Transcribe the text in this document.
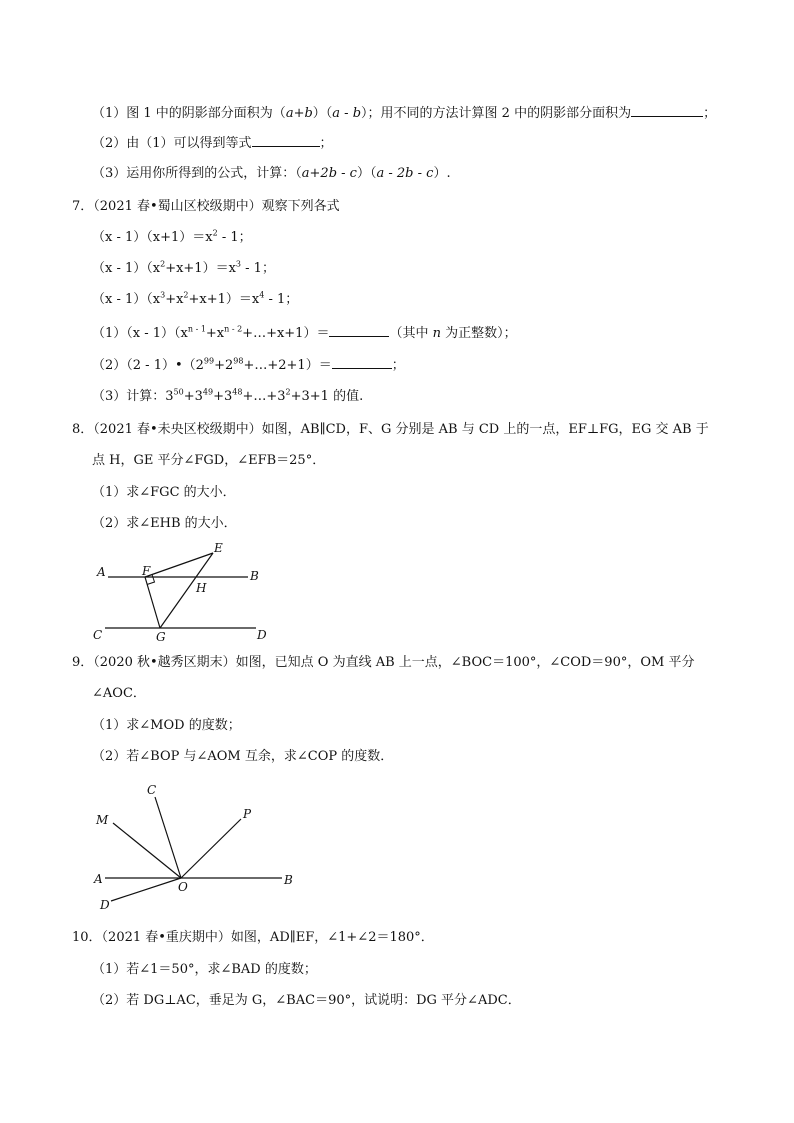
（1）图 1 中的阴影部分面积为（a+b）（a - b）；用不同的方法计算图 2 中的阴影部分面积为	；
（2）由（1）可以得到等式	；
（3）运用你所得到的公式，计算：（a+2b - c）（a - 2b - c）.
7．（2021 春•蜀山区校级期中）观察下列各式
$(x - 1)(x+1)=x^2 - 1$；
$(x - 1)(x^2+x+1)=x^3 - 1$；
$(x - 1)(x^3+x^2+x+1)=x^4 - 1$；
$(1)(x - 1)(x^{n - 1}+x^{n - 2}+\dots+x+1)=$	（其中 n 为正整数）；
$(2)(2 - 1)•(2^{99}+2^{98}+\dots+2+1)=$	；
（3）计算：$3^{50}+3^{49}+3^{48}+\dots+3^2+3+1$ 的值.
8．（2021 春•未央区校级期中）如图，AB∥CD，F、G 分别是 AB 与 CD 上的一点，EF⊥FG，EG 交 AB 于
点 H，GE 平分∠FGD，∠EFB＝25°．
（1）求∠FGC 的大小．
（2）求∠EHB 的大小．
A	B
C	D
E
F
G
H
C
M	P
A	B
O
D
9．（2020 秋•越秀区期末）如图，已知点 O 为直线 AB 上一点，∠BOC＝100°，∠COD＝90°，OM 平分
∠AOC．
（1）求∠MOD 的度数；
（2）若∠BOP 与∠AOM 互余，求∠COP 的度数．
10．（2021 春•重庆期中）如图，AD∥EF，∠1+∠2＝180°．
（1）若∠1＝50°，求∠BAD 的度数；
（2）若 DG⊥AC，垂足为 G，∠BAC＝90°，试说明：DG 平分∠ADC．
